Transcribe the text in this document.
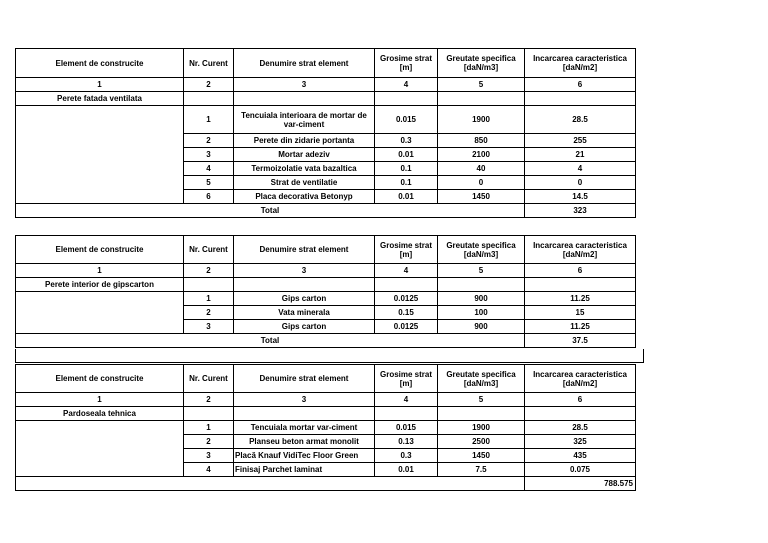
Element de construcite	Nr. Curent	Denumire strat element	Grosime strat [m]	Greutate specifica [daN/m3]	Incarcarea caracteristica [daN/m2]
1	2	3	4	5	6
Perete fatada ventilata					
	1	Tencuiala interioara de mortar de var-ciment	0.015	1900	28.5
	2	Perete din zidarie portanta	0.3	850	255
	3	Mortar adeziv	0.01	2100	21
	4	Termoizolatie vata bazaltica	0.1	40	4
	5	Strat de ventilatie	0.1	0	0
	6	Placa decorativa Betonyp	0.01	1450	14.5
Total					323
Element de construcite	Nr. Curent	Denumire strat element	Grosime strat [m]	Greutate specifica [daN/m3]	Incarcarea caracteristica [daN/m2]
1	2	3	4	5	6
Perete interior de gipscarton					
	1	Gips carton	0.0125	900	11.25
	2	Vata minerala	0.15	100	15
	3	Gips carton	0.0125	900	11.25
Total					37.5
Element de construcite	Nr. Curent	Denumire strat element	Grosime strat [m]	Greutate specifica [daN/m3]	Incarcarea caracteristica [daN/m2]
1	2	3	4	5	6
Pardoseala tehnica					
	1	Tencuiala mortar var-ciment	0.015	1900	28.5
	2	Planseu beton armat monolit	0.13	2500	325
	3	Placă Knauf VidiTec Floor Green	0.3	1450	435
	4	Finisaj Parchet laminat	0.01	7.5	0.075
					788.575
